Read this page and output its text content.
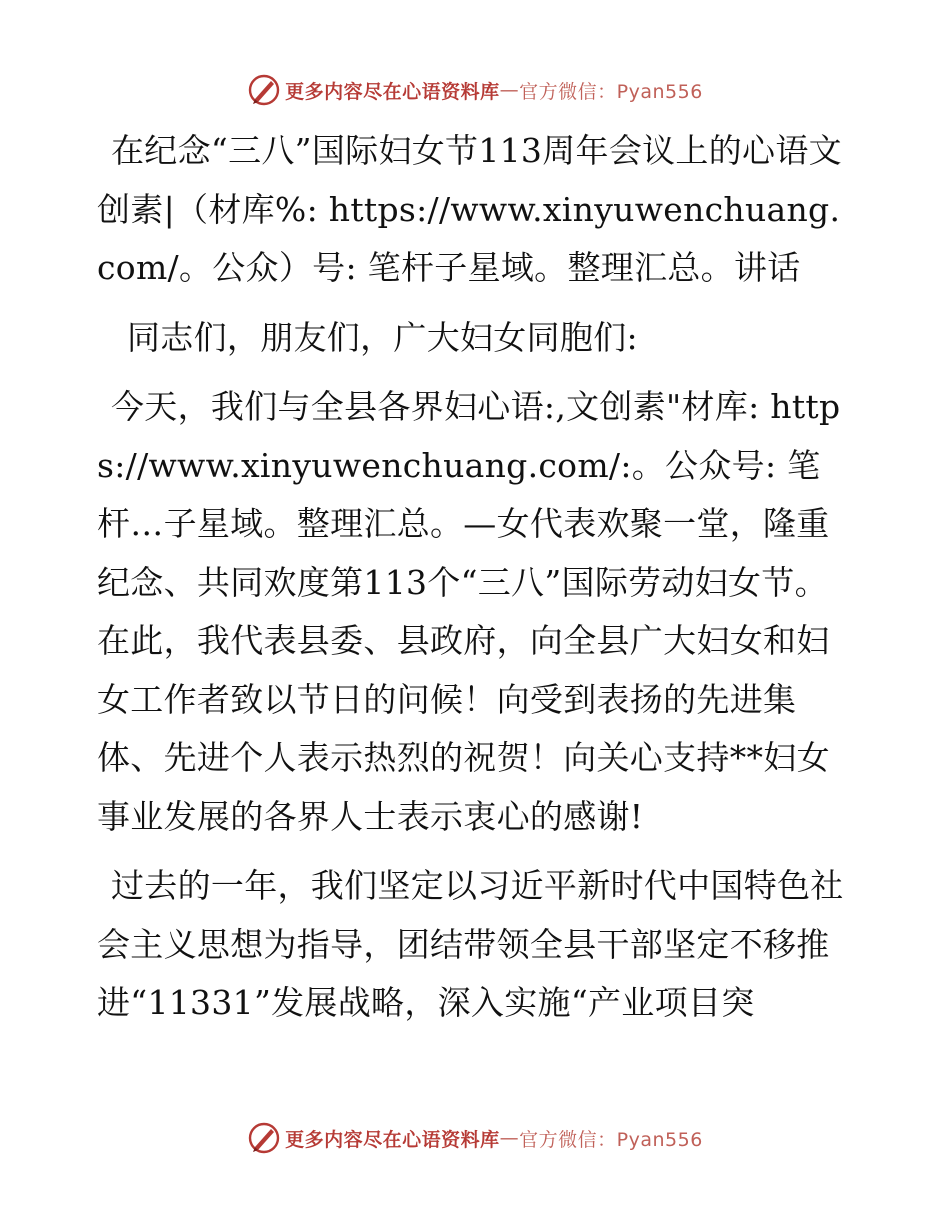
更多内容尽在心语资料库 — 官方微信：Pyan556

在纪念“三八”国际妇女节113周年会议上的心语文创素|（材库%: https://www.xinyuwenchuang.com/。公众）号: 笔杆子星域。整理汇总。讲话

同志们，朋友们，广大妇女同胞们:

今天，我们与全县各界妇心语:,文创素"材库: https://www.xinyuwenchuang.com/:。公众号: 笔杆…子星域。整理汇总。—女代表欢聚一堂，隆重纪念、共同欢度第113个“三八”国际劳动妇女节。在此，我代表县委、县政府，向全县广大妇女和妇女工作者致以节日的问候！向受到表扬的先进集体、先进个人表示热烈的祝贺！向关心支持**妇女事业发展的各界人士表示衷心的感谢!

过去的一年，我们坚定以习近平新时代中国特色社会主义思想为指导，团结带领全县干部坚定不移推进“11331”发展战略，深入实施“产业项目突

更多内容尽在心语资料库 — 官方微信：Pyan556
